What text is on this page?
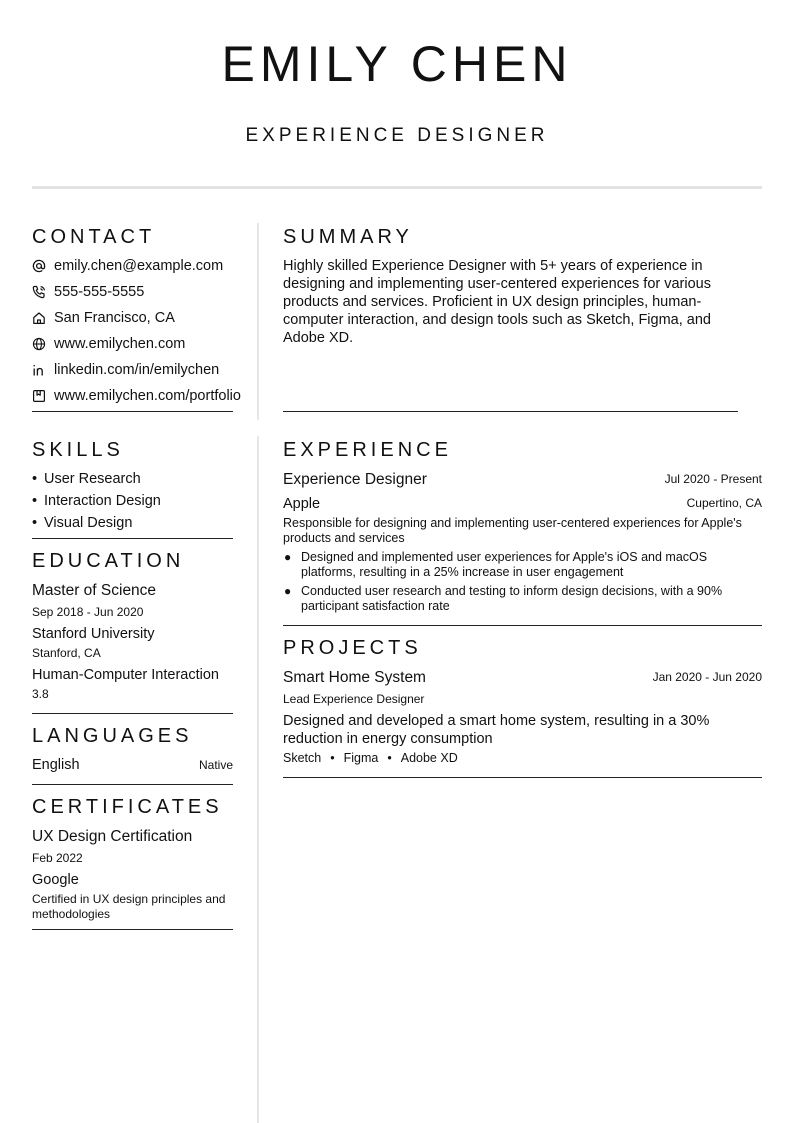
EMILY CHEN
EXPERIENCE DESIGNER
CONTACT
emily.chen@example.com
555-555-5555
San Francisco, CA
www.emilychen.com
linkedin.com/in/emilychen
www.emilychen.com/portfolio
SUMMARY
Highly skilled Experience Designer with 5+ years of experience in designing and implementing user-centered experiences for various products and services. Proficient in UX design principles, human-computer interaction, and design tools such as Sketch, Figma, and Adobe XD.
SKILLS
• User Research
• Interaction Design
• Visual Design
EDUCATION
Master of Science
Sep 2018 - Jun 2020
Stanford University
Stanford, CA
Human-Computer Interaction
3.8
LANGUAGES
English	Native
CERTIFICATES
UX Design Certification
Feb 2022
Google
Certified in UX design principles and methodologies
EXPERIENCE
Experience Designer	Jul 2020 - Present
Apple	Cupertino, CA
Responsible for designing and implementing user-centered experiences for Apple's products and services
● Designed and implemented user experiences for Apple's iOS and macOS platforms, resulting in a 25% increase in user engagement
● Conducted user research and testing to inform design decisions, with a 90% participant satisfaction rate
PROJECTS
Smart Home System	Jan 2020 - Jun 2020
Lead Experience Designer
Designed and developed a smart home system, resulting in a 30% reduction in energy consumption
Sketch • Figma • Adobe XD
